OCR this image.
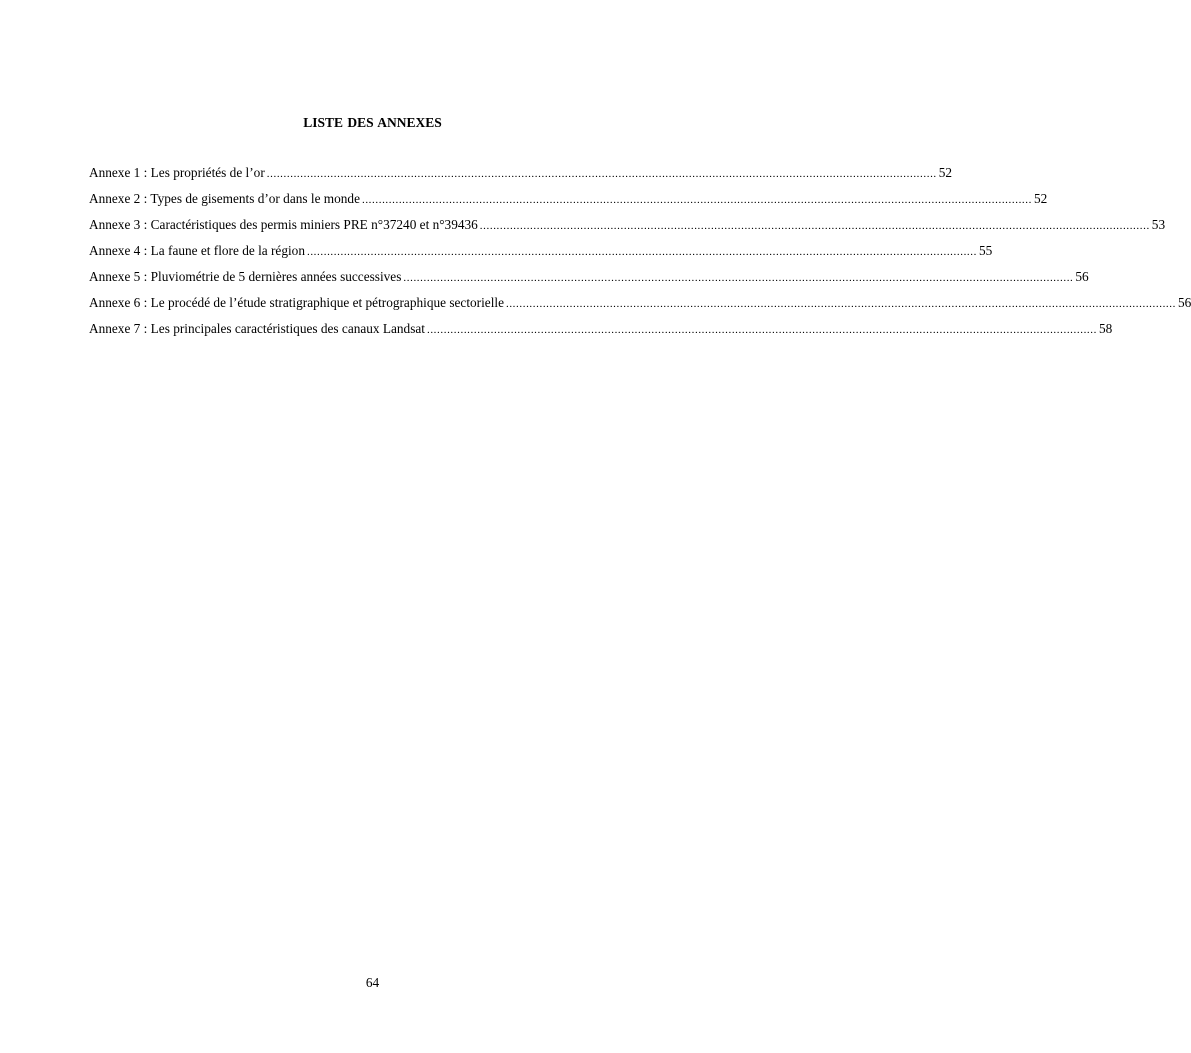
LISTE DES ANNEXES
Annexe 1 : Les propriétés de l’or ........................................................................................................................................................................................................ 52
Annexe 2 : Types de gisements d’or dans le monde ........................................................................................................................................................................................................ 52
Annexe 3 : Caractéristiques des permis miniers PRE n°37240 et n°39436 ........................................................................................................................................................................................................ 53
Annexe 4 : La faune et flore de la région ........................................................................................................................................................................................................ 55
Annexe 5 : Pluviométrie de 5 dernières années successives ........................................................................................................................................................................................................ 56
Annexe 6 : Le procédé de l’étude stratigraphique et pétrographique sectorielle ........................................................................................................................................................................................................ 56
Annexe 7 : Les principales caractéristiques des canaux Landsat ........................................................................................................................................................................................................ 58
64
